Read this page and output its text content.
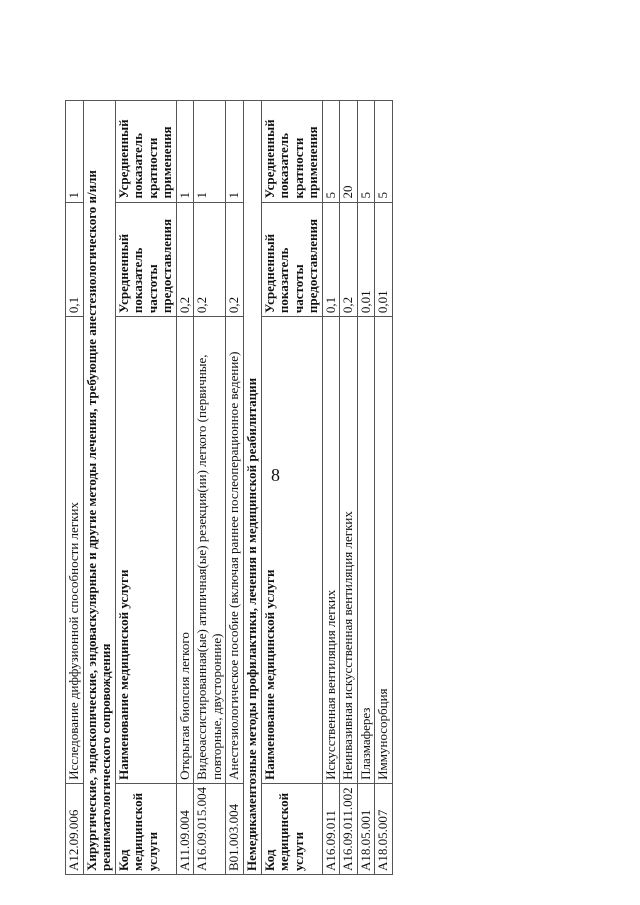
8
A12.09.006	Исследование диффузионной способности легких	0,1	1
Хирургические, эндоскопические, эндоваскулярные и другие методы лечения, требующие анестезиологического и/или реаниматологического сопровождения			
Код медицинской услуги	Наименование медицинской услуги	Усредненный показатель частоты предоставления	Усредненный показатель кратности применения
A11.09.004	Открытая биопсия легкого	0,2	1
A16.09.015.004	Видеоассистированная(ые) атипичная(ые) резекция(ии) легкого (первичные, повторные, двусторонние)	0,2	1
B01.003.004	Анестезиологическое пособие (включая раннее послеоперационное ведение)	0,2	1
Немедикаментозные методы профилактики, лечения и медицинской реабилитации			
Код медицинской услуги	Наименование медицинской услуги	Усредненный показатель частоты предоставления	Усредненный показатель кратности применения
A16.09.011	Искусственная вентиляция легких	0,1	5
A16.09.011.002	Неинвазивная искусственная вентиляция легких	0,2	20
A18.05.001	Плазмаферез	0,01	5
A18.05.007	Иммуносорбция	0,01	5
